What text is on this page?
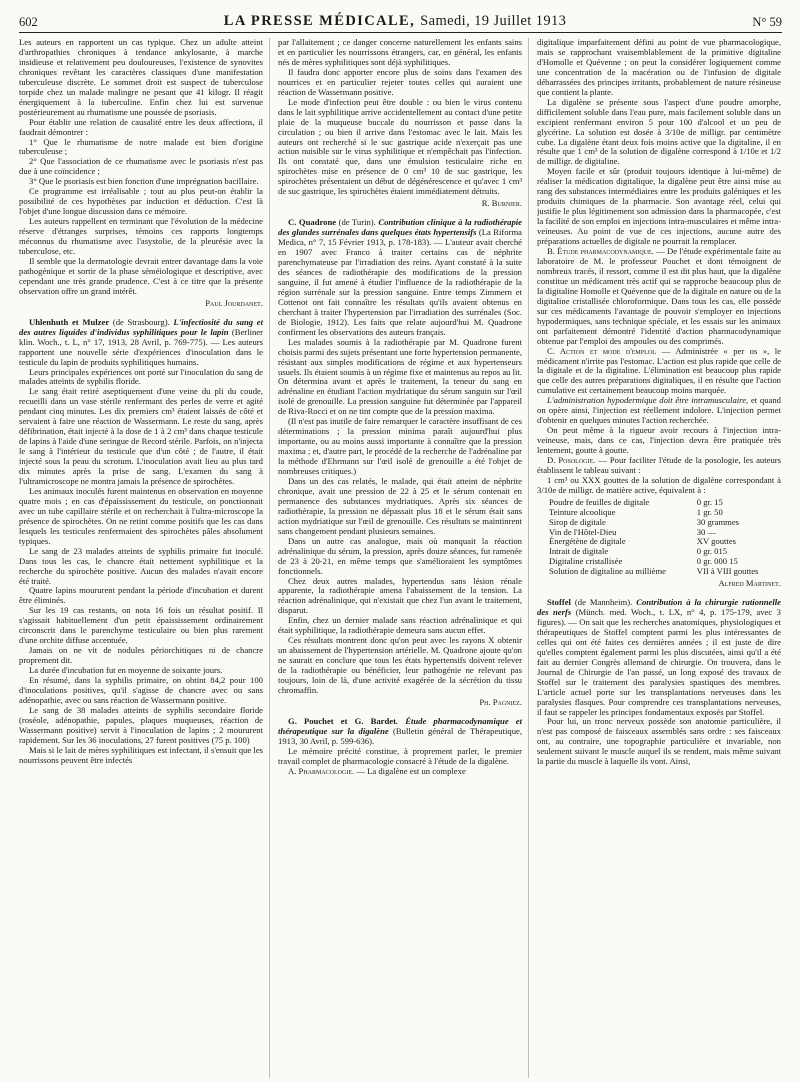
602	LA PRESSE MÉDICALE, Samedi, 19 Juillet 1913	N° 59

Les auteurs en rapportent un cas typique. Chez un adulte atteint d'arthropathies chroniques à tendance ankylosante, à marche insidieuse et relativement peu douloureuses, l'existence de synovites chroniques revêtant les caractères classiques d'une manifestation tuberculeuse discrète. Le sommet droit est suspect de tuberculose torpide chez un malade malingre ne pesant que 41 kilogr. Il réagit énergiquement à la tuberculine. Enfin chez lui est survenue postérieurement au rhumatisme une poussée de psoriasis.

Pour établir une relation de causalité entre les deux affections, il faudrait démontrer :

1° Que le rhumatisme de notre malade est bien d'origine tuberculeuse ;

2° Que l'association de ce rhumatisme avec le psoriasis n'est pas due à une coïncidence ;

3° Que le psoriasis est bien fonction d'une imprégnation bacillaire.

Ce programme est irréalisable ; tout au plus peut-on établir la possibilité de ces hypothèses par induction et déduction. C'est là l'objet d'une longue discussion dans ce mémoire.

Les auteurs rappellent en terminant que l'évolution de la médecine réserve d'étranges surprises, témoins ces rapports longtemps méconnus du rhumatisme avec l'asystolie, de la pleurésie avec la tuberculose, etc.

Il semble que la dermatologie devrait entrer davantage dans la voie pathogénique et sortir de la phase séméiologique et descriptive, avec cependant une très grande prudence. C'est à ce titre que la présente observation offre un grand intérêt.

Paul Jourdanet.

Uhlenhuth et Mulzer (de Strasbourg). L'infectiosité du sang et des autres liquides d'individus syphilitiques pour le lapin (Berliner klin. Woch., t. L, n° 17, 1913, 28 Avril, p. 769-775). — Les auteurs rapportent une nouvelle série d'expériences d'inoculation dans le testicule du lapin de produits syphilitiques humains.

Leurs principales expériences ont porté sur l'inoculation du sang de malades atteints de syphilis floride.

Le sang était retiré aseptiquement d'une veine du pli du coude, recueilli dans un vase stérile renfermant des perles de verre et agité pendant cinq minutes. Les dix premiers cm³ étaient laissés de côté et servaient à faire une réaction de Wassermann. Le reste du sang, après défibrination, était injecté à la dose de 1 à 2 cm³ dans chaque testicule de lapins à l'aide d'une seringue de Record stérile. Parfois, on n'injecta le sang à l'intérieur du testicule que d'un côté ; de l'autre, il était injecté sous la peau du scrotum. L'inoculation avait lieu au plus tard dix minutes après la prise de sang. L'examen du sang à l'ultramicroscope ne montra jamais la présence de spirochètes.

Les animaux inoculés furent maintenus en observation en moyenne quatre mois ; en cas d'épaississement du testicule, on ponctionnait avec un tube capillaire stérile et on recherchait à l'ultra-microscope la présence de spirochètes. On ne retint comme positifs que les cas dans lesquels les testicules renfermaient des spirochètes pâles absolument typiques.

Le sang de 23 malades atteints de syphilis primaire fut inoculé. Dans tous les cas, le chancre était nettement syphilitique et la recherche du spirochète positive. Aucun des malades n'avait encore été traité.

Quatre lapins moururent pendant la période d'incubation et durent être éliminés.

Sur les 19 cas restants, on nota 16 fois un résultat positif. Il s'agissait habituellement d'un petit épaississement ordinairement circonscrit dans le parenchyme testiculaire ou bien plus rarement d'une orchite diffuse accentuée.

Jamais on ne vit de nodules périorchitiques ni de chancre proprement dit.

La durée d'incubation fut en moyenne de soixante jours.

En résumé, dans la syphilis primaire, on obtint 84,2 pour 100 d'inoculations positives, qu'il s'agisse de chancre avec ou sans adénopathie, avec ou sans réaction de Wassermann positive.

Le sang de 38 malades atteints de syphilis secondaire floride (roséole, adénopathie, papules, plaques muqueuses, réaction de Wassermann positive) servit à l'inoculation de lapins ; 2 moururent rapidement. Sur les 36 inoculations, 27 furent positives (75 p. 100)

Mais si le lait de mères syphilitiques est infectant, il s'ensuit que les nourrissons peuvent être infectés

par l'allaitement ; ce danger concerne naturellement les enfants sains et en particulier les nourrissons étrangers, car, en général, les enfants nés de mères syphilitiques sont déjà syphilitiques.

Il faudra donc apporter encore plus de soins dans l'examen des nourrices et en particulier rejeter toutes celles qui auraient une réaction de Wassermann positive.

Le mode d'infection peut être double : ou bien le virus contenu dans le lait syphilitique arrive accidentellement au contact d'une petite plaie de la muqueuse buccale du nourrisson et passe dans la circulation ; ou bien il arrive dans l'estomac avec le lait. Mais les auteurs ont recherché si le suc gastrique acide n'exerçait pas une action nuisible sur le virus syphilitique et n'empêchait pas l'infection. Ils ont constaté que, dans une émulsion testiculaire riche en spirochètes mise en présence de 0 cm³ 10 de suc gastrique, les spirochètes présentaient un début de dégénérescence et qu'avec 1 cm³ de suc gastrique, les spirochètes étaient immédiatement détruits.

R. Burnier.

C. Quadrone (de Turin). Contribution clinique à la radiothérapie des glandes surrénales dans quelques états hypertensifs (La Riforma Medica, n° 7, 15 Février 1913, p. 178-183). — L'auteur avait cherché en 1907 avec Franco à traiter certains cas de néphrite parenchymateuse par l'irradiation des reins. Ayant constaté à la suite des séances de radiothérapie des modifications de la pression sanguine, il fut amené à étudier l'influence de la radiothérapie de la région surrénale sur la pression sanguine. Entre temps Zimmern et Cottenot ont fait connaître les résultats qu'ils avaient obtenus en cherchant à traiter l'hypertension par l'irradiation des surrénales (Soc. de Biologie, 1912). Les faits que relate aujourd'hui M. Quadrone confirment les observations des auteurs français.

Les malades soumis à la radiothérapie par M. Quadrone furent choisis parmi des sujets présentant une forte hypertension permanente, résistant aux simples modifications de régime et aux hypertenseurs usuels. Ils étaient soumis à un régime fixe et maintenus au repos au lit. On détermina avant et après le traitement, la teneur du sang en adrénaline en étudiant l'action mydriatique du sérum sanguin sur l'œil isolé de grenouille. La pression sanguine fut déterminée par l'appareil de Riva-Rocci et on ne tint compte que de la pression maxima.

(Il n'est pas inutile de faire remarquer le caractère insuffisant de ces déterminations ; la pression minima paraît aujourd'hui plus importante, ou au moins aussi importante à connaître que la pression maxima ; et, d'autre part, le procédé de la recherche de l'adrénaline par la méthode d'Ehrmann sur l'œil isolé de grenouille a été l'objet de nombreuses critiques.)

Dans un des cas relatés, le malade, qui était atteint de néphrite chronique, avait une pression de 22 à 25 et le sérum contenait en permanence des substances mydriatiques. Après six séances de radiothérapie, la pression ne dépassait plus 18 et le sérum était sans action mydriatique sur l'œil de grenouille. Ces résultats se maintinrent sans changement pendant plusieurs semaines.

Dans un autre cas analogue, mais où manquait la réaction adrénalinique du sérum, la pression, après douze séances, fut ramenée de 23 à 20-21, en même temps que s'amélioraient les symptômes fonctionnels.

Chez deux autres malades, hypertendus sans lésion rénale apparente, la radiothérapie amena l'abaissement de la tension. La réaction adrénalinique, qui n'existait que chez l'un avant le traitement, disparut.

Enfin, chez un dernier malade sans réaction adrénalinique et qui était syphilitique, la radiothérapie demeura sans aucun effet.

Ces résultats montrent donc qu'on peut avec les rayons X obtenir un abaissement de l'hypertension artérielle. M. Quadrone ajoute qu'on ne saurait en conclure que tous les états hypertensifs doivent relever de la radiothérapie ou bénéficier, leur pathogénie ne relevant pas toujours, loin de là, d'une activité exagérée de la sécrétion du tissu chromaffin.

Ph. Pagniez.

G. Pouchet et G. Bardet. Étude pharmacodynamique et thérapeutique sur la digalène (Bulletin général de Thérapeutique, 1913, 30 Avril, p. 599-636).

Le mémoire précité constitue, à proprement parler, le premier travail complet de pharmacologie consacré à l'étude de la digalène.

A. Pharmacologie. — La digalène est un complexe

digitalique imparfaitement défini au point de vue pharmacologique, mais se rapprochant vraisemblablement de la primitive digitaline d'Homolle et Quévenne ; on peut la considérer logiquement comme une concentration de la macération ou de l'infusion de digitale débarrassées des principes irritants, probablement de nature résineuse que contient la plante.

La digalène se présente sous l'aspect d'une poudre amorphe, difficilement soluble dans l'eau pure, mais facilement soluble dans un excipient renfermant environ 5 pour 100 d'alcool et un peu de glycérine. La solution est dosée à 3/10e de milligr. par centimètre cube. La digalène étant deux fois moins active que la digitaline, il en résulte que 1 cm³ de la solution de digalène correspond à 1/10e et 1/2 de milligr. de digitaline.

Moyen facile et sûr (produit toujours identique à lui-même) de réaliser la médication digitalique, la digalène peut être ainsi mise au rang des substances intermédiaires entre les produits galéniques et les produits chimiques de la pharmacie. Son avantage réel, celui qui justifie le plus légitimement son admission dans la pharmacopée, c'est la facilité de son emploi en injections intra-musculaires et même intra-veineuses. Au point de vue de ces injections, aucune autre des préparations actuelles de digitale ne pourrait la remplacer.

B. Étude pharmacodynamique. — De l'étude expérimentale faite au laboratoire de M. le professeur Pouchet et dont témoignent de nombreux tracés, il ressort, comme il est dit plus haut, que la digalène constitue un médicament très actif qui se rapproche beaucoup plus de la digitaline Homolle et Quévenne que de la digitale en nature ou de la digitaline cristallisée chloroformique. Dans tous les cas, elle possède sur ces médicaments l'avantage de pouvoir s'employer en injections hypodermiques, sans technique spéciale, et les essais sur les animaux ont parfaitement démontré l'identité d'action pharmacodynamique obtenue par l'emploi des ampoules ou des comprimés.

C. Action et mode d'emploi. — Administrée « per os », le médicament n'irrite pas l'estomac. L'action est plus rapide que celle de la digitale et de la digitaline. L'élimination est beaucoup plus rapide que celle des autres préparations digitaliques, il en résulte que l'action cumulative est certainement beaucoup moins marquée.

L'administration hypodermique doit être intramusculaire, et quand on opère ainsi, l'injection est réellement indolore. L'injection permet d'obtenir en quelques minutes l'action recherchée.

On peut même à la rigueur avoir recours à l'injection intra-veineuse, mais, dans ce cas, l'injection devra être pratiquée très lentement, goutte à goutte.

D. Posologie. — Pour faciliter l'étude de la posologie, les auteurs établissent le tableau suivant :

1 cm³ ou XXX gouttes de la solution de digalène correspondant à 3/10e de milligr. de matière active, équivalent à :

Poudre de feuilles de digitale	0 gr. 15
Teinture alcoolique	1 gr. 50
Sirop de digitale	30 grammes
Vin de l'Hôtel-Dieu	30 —
Énergétène de digitale	XV gouttes
Intrait de digitale	0 gr. 015
Digitaline cristallisée	0 gr. 000 15
Solution de digitaline au millième	VII à VIII gouttes
Alfred Martinet.

Stoffel (de Mannheim). Contribution à la chirurgie rationnelle des nerfs (Münch. med. Woch., t. LX, n° 4, p. 175-179, avec 3 figures). — On sait que les recherches anatomiques, physiologiques et thérapeutiques de Stoffel comptent parmi les plus intéressantes de celles qui ont été faites ces dernières années ; il est juste de dire qu'elles comptent également parmi les plus discutées, ainsi qu'il a été fait au dernier Congrès allemand de chirurgie. On trouvera, dans le Journal de Chirurgie de l'an passé, un long exposé des travaux de Stoffel sur le traitement des paralysies spastiques des membres. L'article actuel porte sur les transplantations nerveuses dans les paralysies flasques. Pour comprendre ces transplantations nerveuses, il faut se rappeler les principes fondamentaux exposés par Stoffel.

Pour lui, un tronc nerveux possède son anatomie particulière, il n'est pas composé de faisceaux assemblés sans ordre : ses faisceaux ont, au contraire, une topographie particulière et invariable, non seulement suivant le muscle auquel ils se rendent, mais même suivant la partie du muscle à laquelle ils vont. Ainsi,
